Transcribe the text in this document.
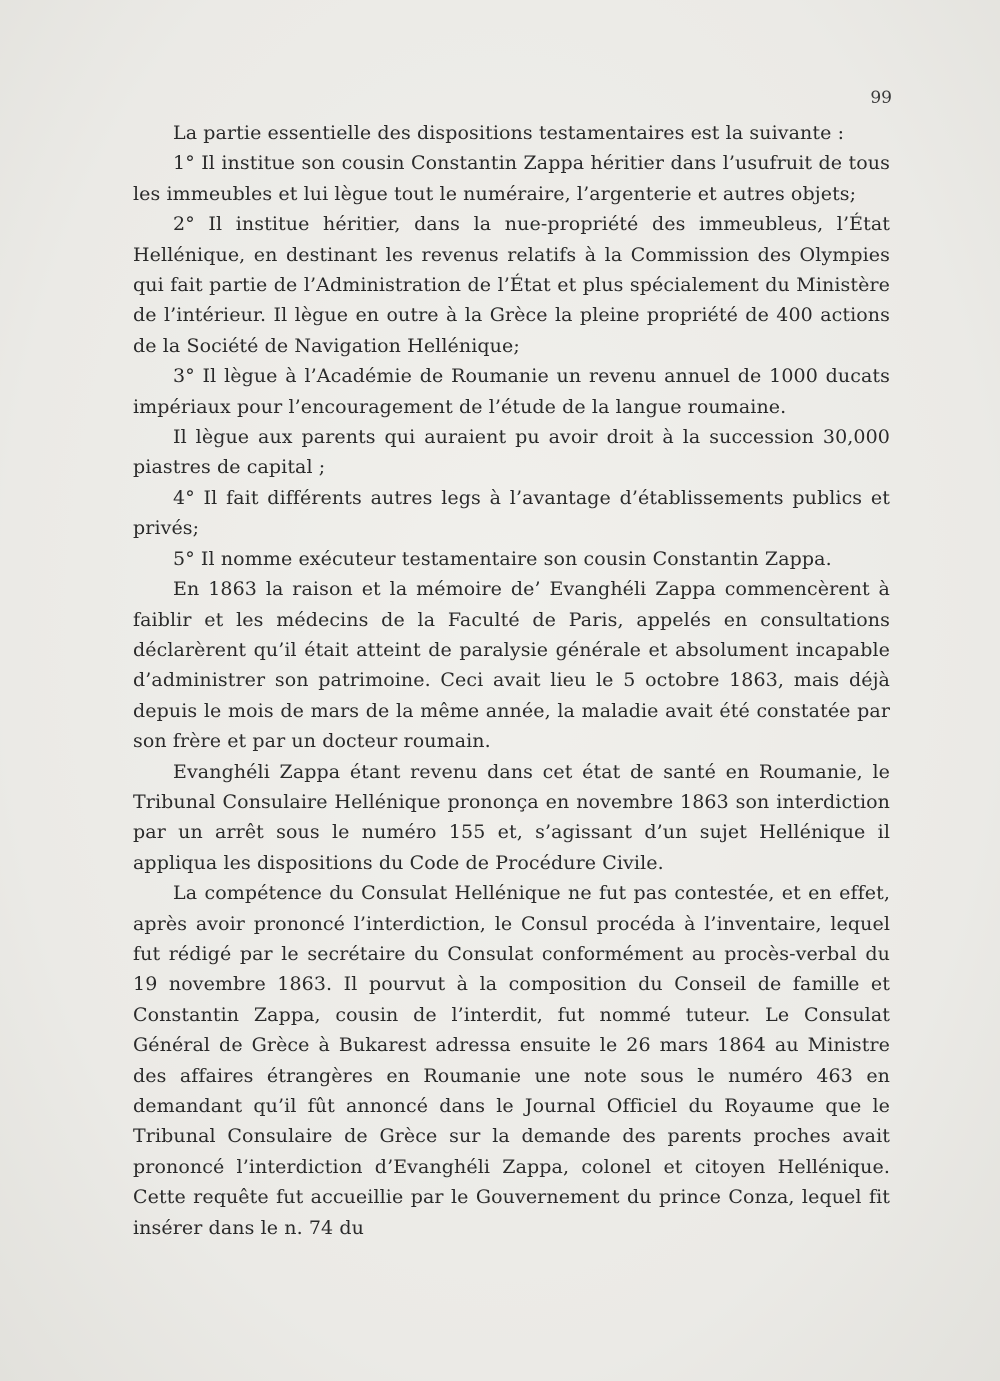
99

La partie essentielle des dispositions testamentaires est la suivante :

1° Il institue son cousin Constantin Zappa héritier dans l’usufruit de tous les immeubles et lui lègue tout le numéraire, l’argenterie et autres objets;

2° Il institue héritier, dans la nue-propriété des immeubleus, l’État Hellénique, en destinant les revenus relatifs à la Commission des Olympies qui fait partie de l’Administration de l’État et plus spécialement du Ministère de l’intérieur. Il lègue en outre à la Grèce la pleine propriété de 400 actions de la Société de Navigation Hellénique;

3° Il lègue à l’Académie de Roumanie un revenu annuel de 1000 ducats impériaux pour l’encouragement de l’étude de la langue roumaine.

Il lègue aux parents qui auraient pu avoir droit à la succession 30,000 piastres de capital ;

4° Il fait différents autres legs à l’avantage d’établissements publics et privés;

5° Il nomme exécuteur testamentaire son cousin Constantin Zappa.

En 1863 la raison et la mémoire de’ Evanghéli Zappa commencèrent à faiblir et les médecins de la Faculté de Paris, appelés en consultations déclarèrent qu’il était atteint de paralysie générale et absolument incapable d’administrer son patrimoine. Ceci avait lieu le 5 octobre 1863, mais déjà depuis le mois de mars de la même année, la maladie avait été constatée par son frère et par un docteur roumain.

Evanghéli Zappa étant revenu dans cet état de santé en Roumanie, le Tribunal Consulaire Hellénique prononça en novembre 1863 son interdiction par un arrêt sous le numéro 155 et, s’agissant d’un sujet Hellénique il appliqua les dispositions du Code de Procédure Civile.

La compétence du Consulat Hellénique ne fut pas contestée, et en effet, après avoir prononcé l’interdiction, le Consul procéda à l’inventaire, lequel fut rédigé par le secrétaire du Consulat conformément au procès-verbal du 19 novembre 1863. Il pourvut à la composition du Conseil de famille et Constantin Zappa, cousin de l’interdit, fut nommé tuteur. Le Consulat Général de Grèce à Bukarest adressa ensuite le 26 mars 1864 au Ministre des affaires étrangères en Roumanie une note sous le numéro 463 en demandant qu’il fût annoncé dans le Journal Officiel du Royaume que le Tribunal Consulaire de Grèce sur la demande des parents proches avait prononcé l’interdiction d’Evanghéli Zappa, colonel et citoyen Hellénique. Cette requête fut accueillie par le Gouvernement du prince Conza, lequel fit insérer dans le n. 74 du
